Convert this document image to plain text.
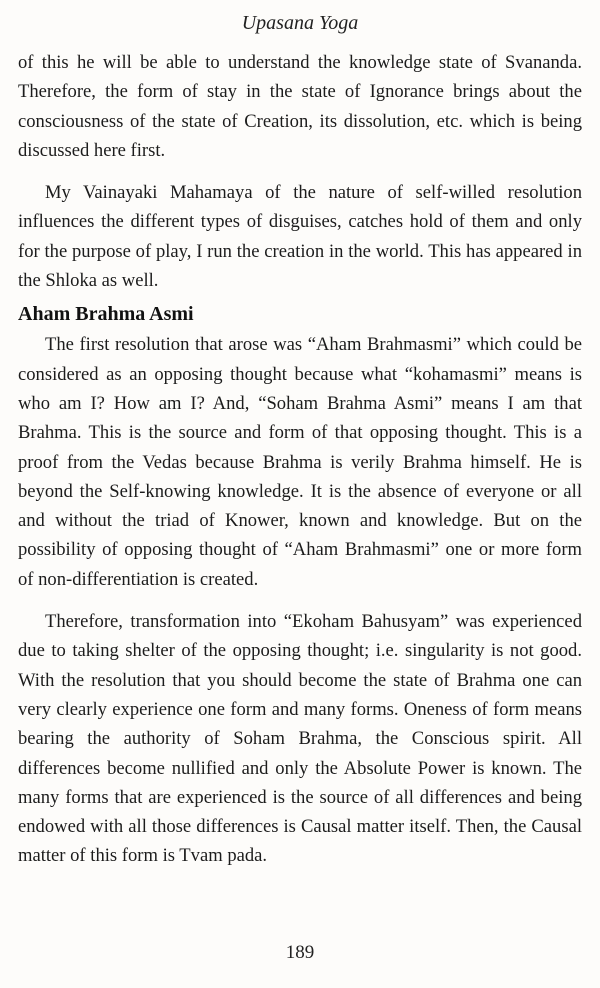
Upasana Yoga

of this he will be able to understand the knowledge state of Svananda. Therefore, the form of stay in the state of Ignorance brings about the consciousness of the state of Creation, its dissolution, etc. which is being discussed here first.

My Vainayaki Mahamaya of the nature of self-willed resolution influences the different types of disguises, catches hold of them and only for the purpose of play, I run the creation in the world. This has appeared in the Shloka as well.

Aham Brahma Asmi

The first resolution that arose was “Aham Brahmasmi” which could be considered as an opposing thought because what “kohamasmi” means is who am I? How am I? And, “Soham Brahma Asmi” means I am that Brahma. This is the source and form of that opposing thought. This is a proof from the Vedas because Brahma is verily Brahma himself. He is beyond the Self-knowing knowledge. It is the absence of everyone or all and without the triad of Knower, known and knowledge. But on the possibility of opposing thought of “Aham Brahmasmi” one or more form of non-differentiation is created.

Therefore, transformation into “Ekoham Bahusyam” was experienced due to taking shelter of the opposing thought; i.e. singularity is not good. With the resolution that you should become the state of Brahma one can very clearly experience one form and many forms. Oneness of form means bearing the authority of Soham Brahma, the Conscious spirit. All differences become nullified and only the Absolute Power is known. The many forms that are experienced is the source of all differences and being endowed with all those differences is Causal matter itself. Then, the Causal matter of this form is Tvam pada.

189
